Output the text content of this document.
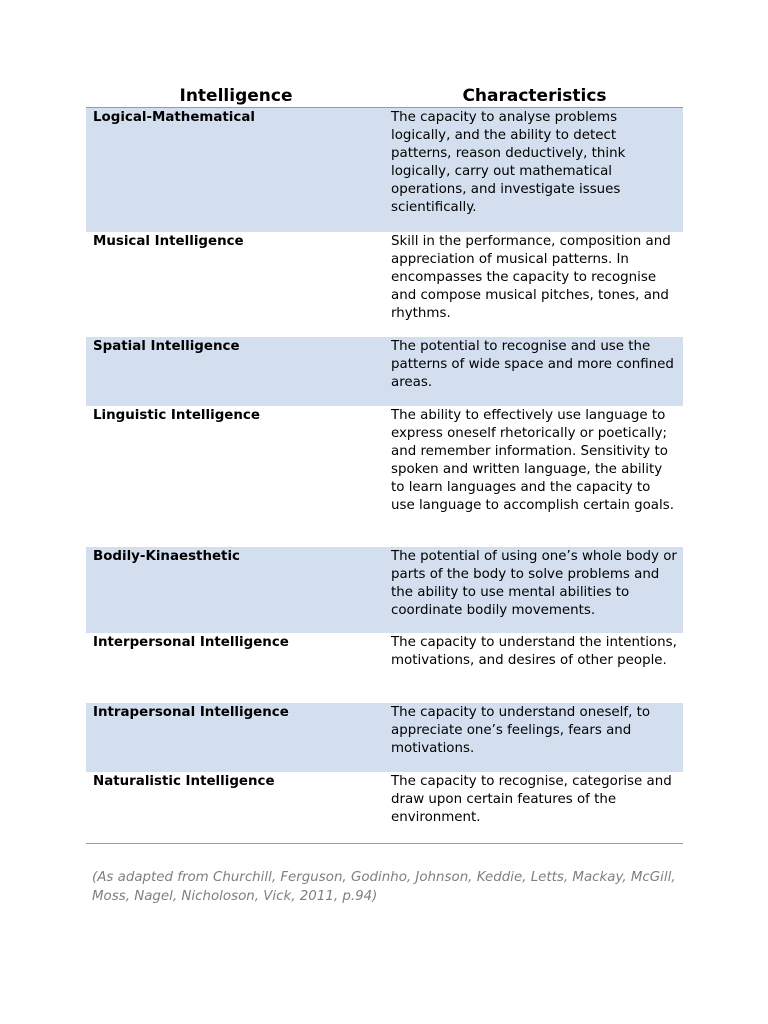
Intelligence	Characteristics
Logical-Mathematical	The capacity to analyse problems logically, and the ability to detect patterns, reason deductively, think logically, carry out mathematical operations, and investigate issues scientifically.
Musical Intelligence	Skill in the performance, composition and appreciation of musical patterns. In encompasses the capacity to recognise and compose musical pitches, tones, and rhythms.
Spatial Intelligence	The potential to recognise and use the patterns of wide space and more confined areas.
Linguistic Intelligence	The ability to effectively use language to express oneself rhetorically or poetically; and remember information. Sensitivity to spoken and written language, the ability to learn languages and the capacity to use language to accomplish certain goals.
Bodily-Kinaesthetic	The potential of using one’s whole body or parts of the body to solve problems and the ability to use mental abilities to coordinate bodily movements.
Interpersonal Intelligence	The capacity to understand the intentions, motivations, and desires of other people.
Intrapersonal Intelligence	The capacity to understand oneself, to appreciate one’s feelings, fears and motivations.
Naturalistic Intelligence	The capacity to recognise, categorise and draw upon certain features of the environment.
(As adapted from Churchill, Ferguson, Godinho, Johnson, Keddie, Letts, Mackay, McGill, Moss, Nagel, Nicholoson, Vick, 2011, p.94)
